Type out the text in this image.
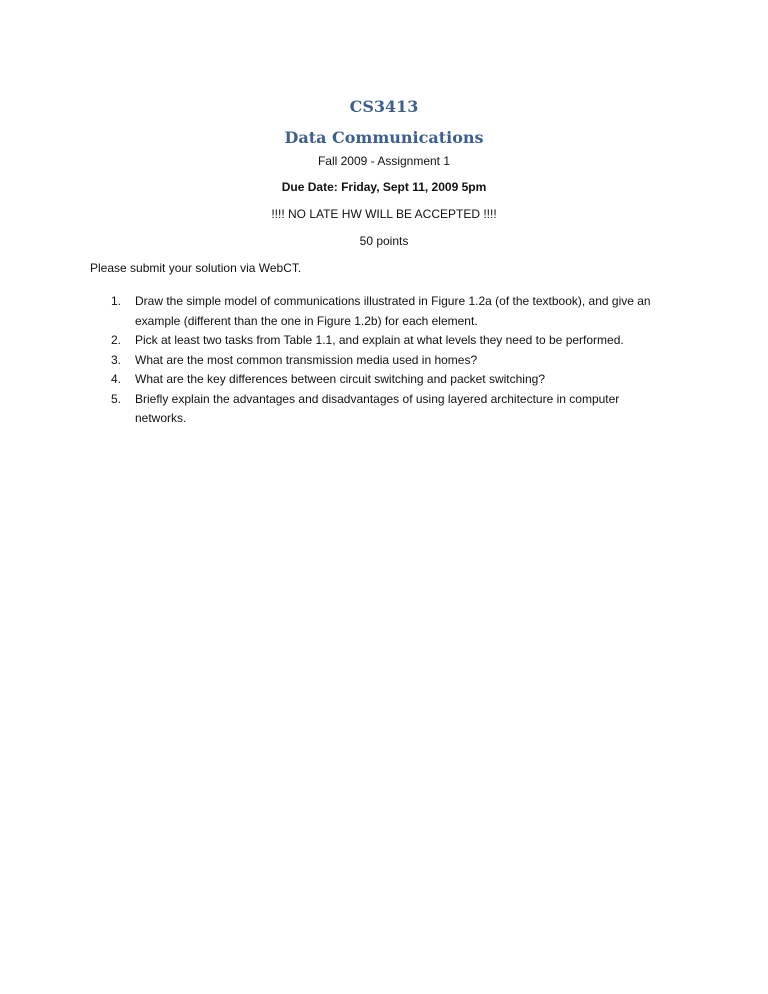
CS3413
Data Communications
Fall 2009 - Assignment 1
Due Date: Friday, Sept 11, 2009 5pm
!!!! NO LATE HW WILL BE ACCEPTED !!!!
50 points
Please submit your solution via WebCT.
1. Draw the simple model of communications illustrated in Figure 1.2a (of the textbook), and give an example (different than the one in Figure 1.2b) for each element.
2. Pick at least two tasks from Table 1.1, and explain at what levels they need to be performed.
3. What are the most common transmission media used in homes?
4. What are the key differences between circuit switching and packet switching?
5. Briefly explain the advantages and disadvantages of using layered architecture in computer networks.
